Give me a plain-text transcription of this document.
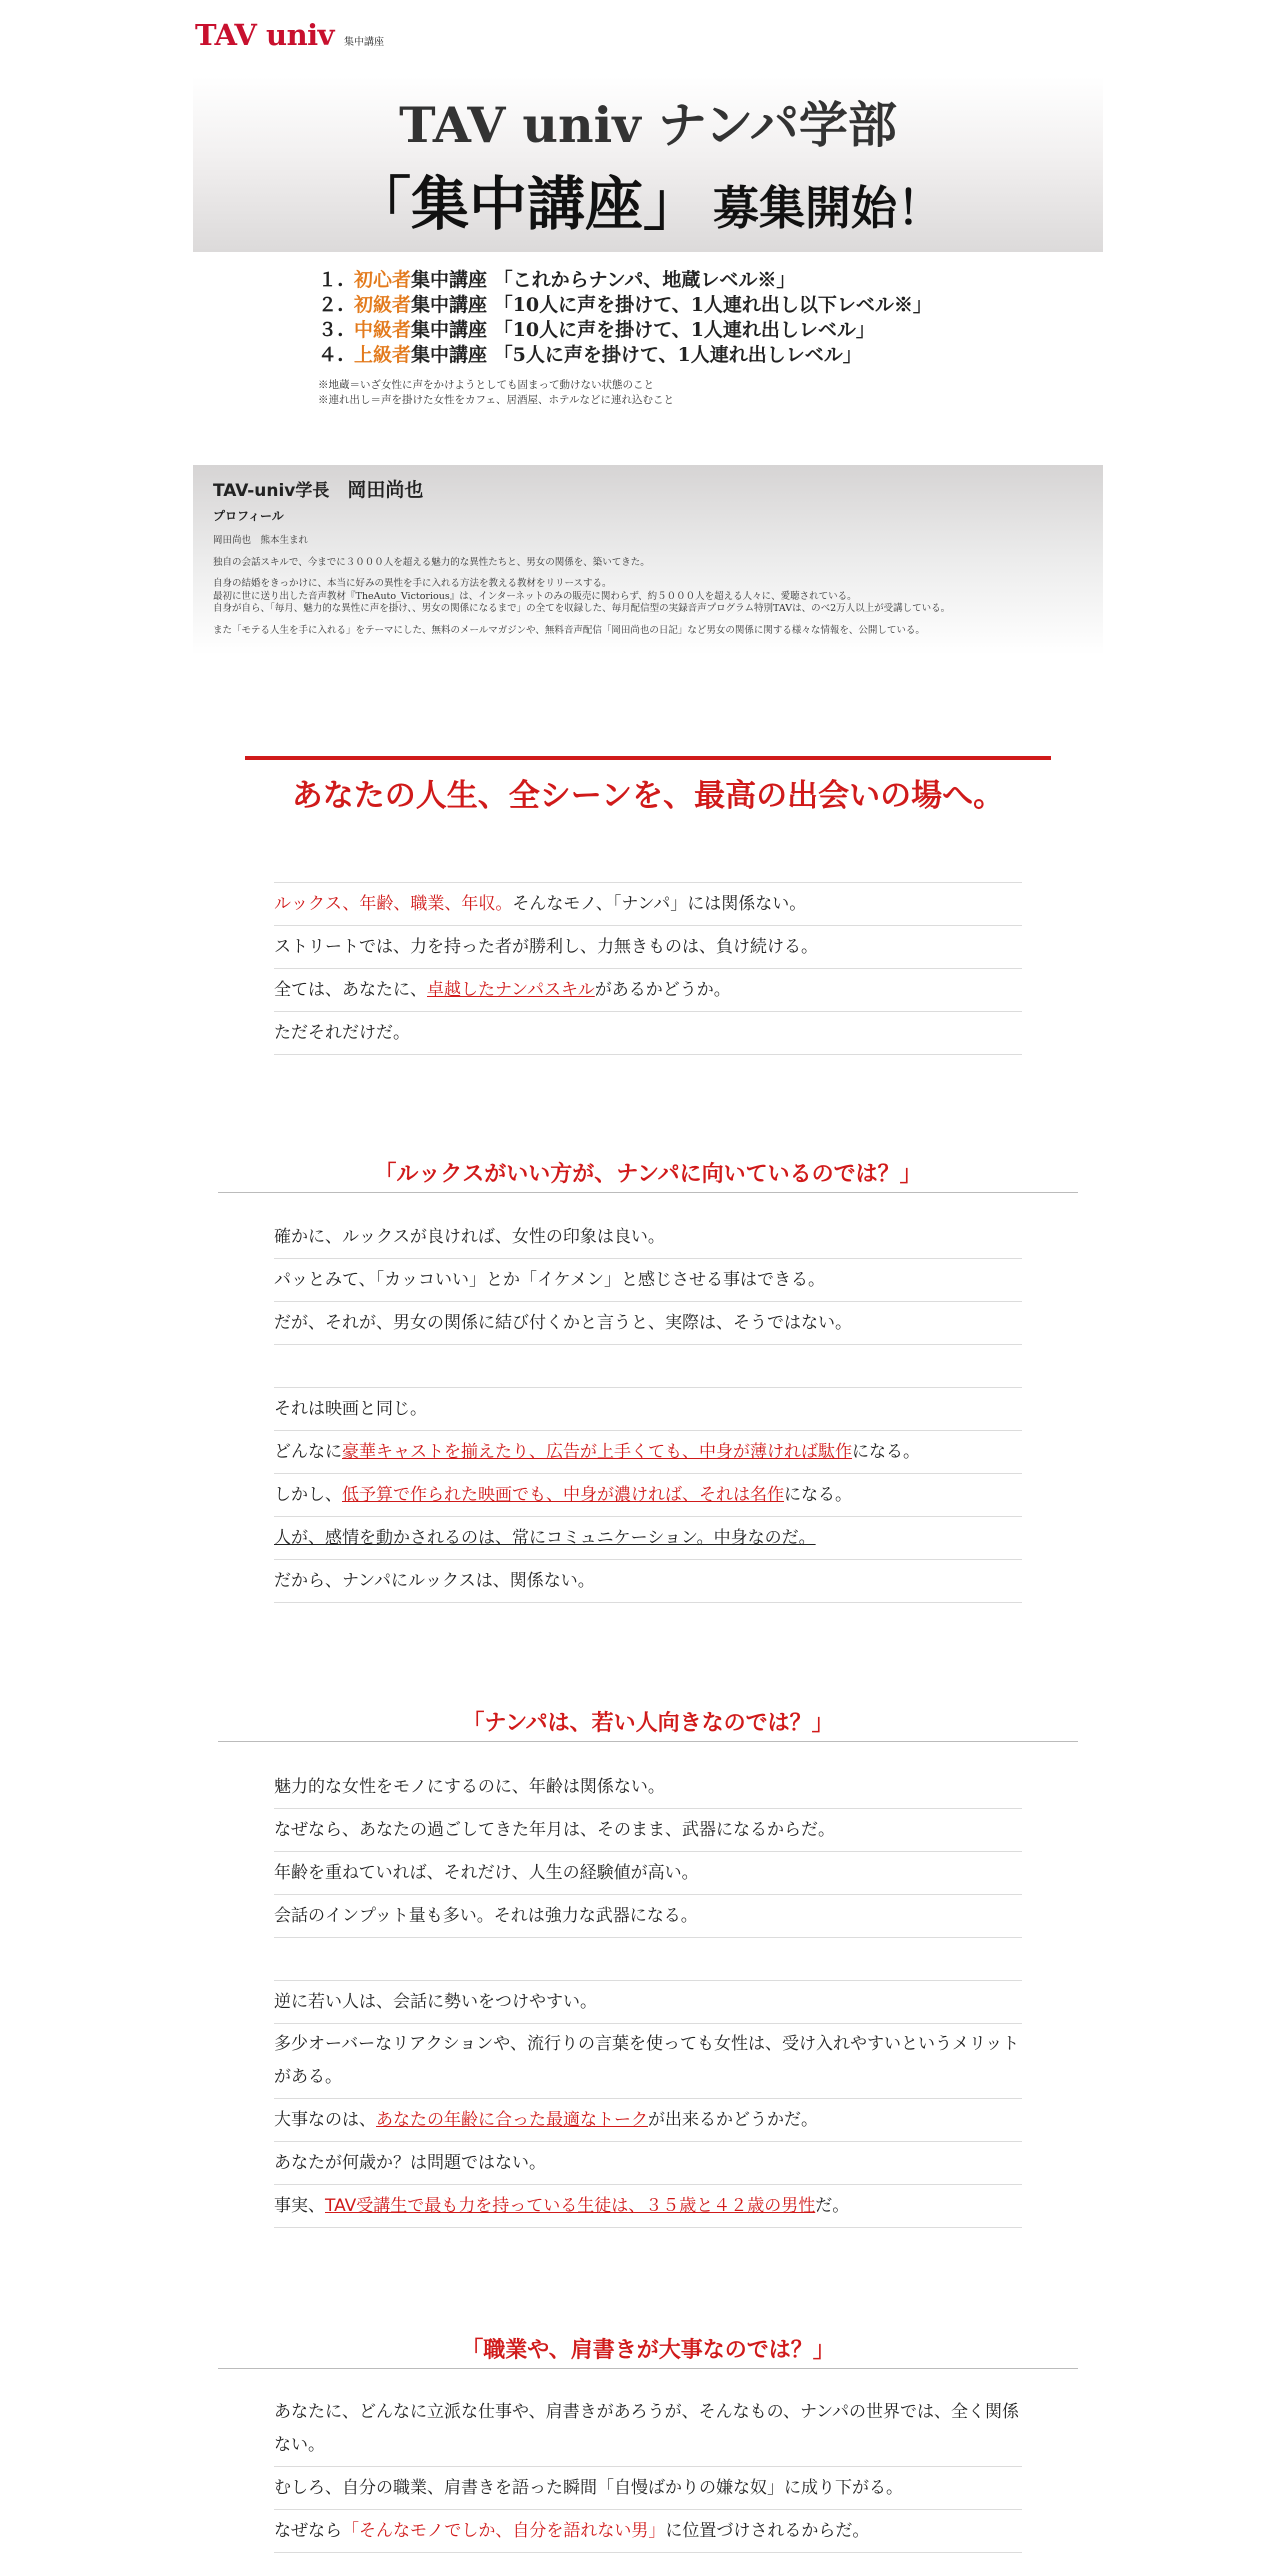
TAV univ 集中講座
TAV univ ナンパ学部
「集中講座」 募集開始！
１. 初心者集中講座 「これからナンパ、地蔵レベル※」
２. 初級者集中講座 「10人に声を掛けて、1人連れ出し以下レベル※」
３. 中級者集中講座 「10人に声を掛けて、1人連れ出しレベル」
４. 上級者集中講座 「5人に声を掛けて、1人連れ出しレベル」
※地蔵＝いざ女性に声をかけようとしても固まって動けない状態のこと
※連れ出し＝声を掛けた女性をカフェ、居酒屋、ホテルなどに連れ込むこと
TAV-univ学長 岡田尚也
プロフィール

岡田尚也　熊本生まれ

独自の会話スキルで、今までに３０００人を超える魅力的な異性たちと、男女の関係を、築いてきた。

自身の結婚をきっかけに、本当に好みの異性を手に入れる方法を教える教材をリリースする。
最初に世に送り出した音声教材『TheAuto_Victorious』は、インターネットのみの販売に関わらず、約５０００人を超える人々に、愛聴されている。
自身が自ら、「毎月、魅力的な異性に声を掛け、、男女の関係になるまで」の全てを収録した、毎月配信型の実録音声プログラム特別TAVは、のべ2万人以上が受講している。

また「モテる人生を手に入れる」をテーマにした、無料のメールマガジンや、無料音声配信「岡田尚也の日記」など男女の関係に関する様々な情報を、公開している。

あなたの人生、全シーンを、最高の出会いの場へ。
ルックス、年齢、職業、年収。そんなモノ、「ナンパ」には関係ない。
ストリートでは、力を持った者が勝利し、力無きものは、負け続ける。
全ては、あなたに、卓越したナンパスキルがあるかどうか。
ただそれだけだ。
「ルックスがいい方が、ナンパに向いているのでは？」
確かに、ルックスが良ければ、女性の印象は良い。
パッとみて、「カッコいい」とか「イケメン」と感じさせる事はできる。
だが、それが、男女の関係に結び付くかと言うと、実際は、そうではない。
それは映画と同じ。
どんなに豪華キャストを揃えたり、広告が上手くても、中身が薄ければ駄作になる。
しかし、低予算で作られた映画でも、中身が濃ければ、それは名作になる。
人が、感情を動かされるのは、常にコミュニケーション。中身なのだ。
だから、ナンパにルックスは、関係ない。
「ナンパは、若い人向きなのでは？」
魅力的な女性をモノにするのに、年齢は関係ない。
なぜなら、あなたの過ごしてきた年月は、そのまま、武器になるからだ。
年齢を重ねていれば、それだけ、人生の経験値が高い。
会話のインプット量も多い。それは強力な武器になる。
逆に若い人は、会話に勢いをつけやすい。
多少オーバーなリアクションや、流行りの言葉を使っても女性は、受け入れやすいというメリットがある。
大事なのは、あなたの年齢に合った最適なトークが出来るかどうかだ。
あなたが何歳か？は問題ではない。
事実、TAV受講生で最も力を持っている生徒は、３５歳と４２歳の男性だ。
「職業や、肩書きが大事なのでは？」
あなたに、どんなに立派な仕事や、肩書きがあろうが、そんなもの、ナンパの世界では、全く関係ない。
むしろ、自分の職業、肩書きを語った瞬間「自慢ばかりの嫌な奴」に成り下がる。
なぜなら「そんなモノでしか、自分を語れない男」に位置づけされるからだ。
